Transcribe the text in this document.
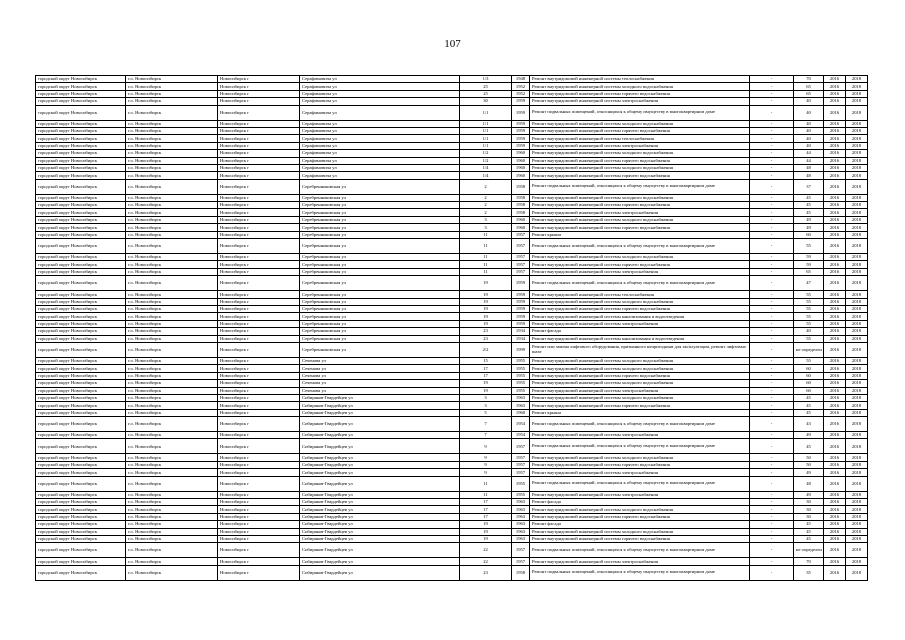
107
городской округ Новосибирск	г.о. Новосибирск	Новосибирск г	Серафимовича ул	1/3	1948	Ремонт внутридомовой инженерной системы теплоснабжения	-	70	2016	2018
городской округ Новосибирск	г.о. Новосибирск	Новосибирск г	Серафимовича ул	25	1952	Ремонт внутридомовой инженерной системы холодного водоснабжения	-	65	2016	2018
городской округ Новосибирск	г.о. Новосибирск	Новосибирск г	Серафимовича ул	25	1952	Ремонт внутридомовой инженерной системы горячего водоснабжения	-	65	2016	2018
городской округ Новосибирск	г.о. Новосибирск	Новосибирск г	Серафимовича ул	30	1959	Ремонт внутридомовой инженерной системы электроснабжения	-	40	2016	2018
городской округ Новосибирск	г.о. Новосибирск	Новосибирск г	Серафимовича ул	1/1	1959	Ремонт подвальных помещений, относящихся к общему имуществу в многоквартирном доме	-	40	2016	2018
городской округ Новосибирск	г.о. Новосибирск	Новосибирск г	Серафимовича ул	1/1	1959	Ремонт внутридомовой инженерной системы холодного водоснабжения	-	40	2016	2018
городской округ Новосибирск	г.о. Новосибирск	Новосибирск г	Серафимовича ул	1/1	1959	Ремонт внутридомовой инженерной системы горячего водоснабжения	-	40	2016	2018
городской округ Новосибирск	г.о. Новосибирск	Новосибирск г	Серафимовича ул	1/1	1959	Ремонт внутридомовой инженерной системы теплоснабжения	-	40	2016	2018
городской округ Новосибирск	г.о. Новосибирск	Новосибирск г	Серафимовича ул	1/1	1959	Ремонт внутридомовой инженерной системы электроснабжения	-	40	2016	2018
городской округ Новосибирск	г.о. Новосибирск	Новосибирск г	Серафимовича ул	1/2	1960	Ремонт внутридомовой инженерной системы холодного водоснабжения	-	44	2016	2018
городской округ Новосибирск	г.о. Новосибирск	Новосибирск г	Серафимовича ул	1/2	1960	Ремонт внутридомовой инженерной системы горячего водоснабжения	-	44	2016	2018
городской округ Новосибирск	г.о. Новосибирск	Новосибирск г	Серафимовича ул	1/4	1960	Ремонт внутридомовой инженерной системы холодного водоснабжения	-	48	2016	2018
городской округ Новосибирск	г.о. Новосибирск	Новосибирск г	Серафимовича ул	1/4	1960	Ремонт внутридомовой инженерной системы горячего водоснабжения	-	48	2016	2018
городской округ Новосибирск	г.о. Новосибирск	Новосибирск г	Серебренниковская ул	2	1958	Ремонт подвальных помещений, относящихся к общему имуществу в многоквартирном доме	-	37	2016	2018
городской округ Новосибирск	г.о. Новосибирск	Новосибирск г	Серебренниковская ул	2	1958	Ремонт внутридомовой инженерной системы холодного водоснабжения	-	45	2016	2018
городской округ Новосибирск	г.о. Новосибирск	Новосибирск г	Серебренниковская ул	2	1958	Ремонт внутридомовой инженерной системы горячего водоснабжения	-	45	2016	2018
городской округ Новосибирск	г.о. Новосибирск	Новосибирск г	Серебренниковская ул	2	1958	Ремонт внутридомовой инженерной системы электроснабжения	-	45	2016	2018
городской округ Новосибирск	г.о. Новосибирск	Новосибирск г	Серебренниковская ул	3	1960	Ремонт внутридомовой инженерной системы холодного водоснабжения	-	49	2016	2018
городской округ Новосибирск	г.о. Новосибирск	Новосибирск г	Серебренниковская ул	3	1960	Ремонт внутридомовой инженерной системы горячего водоснабжения	-	49	2016	2018
городской округ Новосибирск	г.о. Новосибирск	Новосибирск г	Серебренниковская ул	11	1957	Ремонт крыши	-	60	2016	2018
городской округ Новосибирск	г.о. Новосибирск	Новосибирск г	Серебренниковская ул	11	1957	Ремонт подвальных помещений, относящихся к общему имуществу в многоквартирном доме	-	55	2016	2018
городской округ Новосибирск	г.о. Новосибирск	Новосибирск г	Серебренниковская ул	11	1957	Ремонт внутридомовой инженерной системы холодного водоснабжения	-	59	2016	2018
городской округ Новосибирск	г.о. Новосибирск	Новосибирск г	Серебренниковская ул	11	1957	Ремонт внутридомовой инженерной системы горячего водоснабжения	-	59	2016	2018
городской округ Новосибирск	г.о. Новосибирск	Новосибирск г	Серебренниковская ул	11	1957	Ремонт внутридомовой инженерной системы электроснабжения	-	65	2016	2018
городской округ Новосибирск	г.о. Новосибирск	Новосибирск г	Серебренниковская ул	19	1959	Ремонт подвальных помещений, относящихся к общему имуществу в многоквартирном доме	-	47	2016	2018
городской округ Новосибирск	г.о. Новосибирск	Новосибирск г	Серебренниковская ул	19	1959	Ремонт внутридомовой инженерной системы теплоснабжения	-	55	2016	2018
городской округ Новосибирск	г.о. Новосибирск	Новосибирск г	Серебренниковская ул	19	1959	Ремонт внутридомовой инженерной системы холодного водоснабжения	-	55	2016	2018
городской округ Новосибирск	г.о. Новосибирск	Новосибирск г	Серебренниковская ул	19	1959	Ремонт внутридомовой инженерной системы горячего водоснабжения	-	55	2016	2018
городской округ Новосибирск	г.о. Новосибирск	Новосибирск г	Серебренниковская ул	19	1959	Ремонт внутридомовой инженерной системы канализования и водоотведения	-	55	2016	2018
городской округ Новосибирск	г.о. Новосибирск	Новосибирск г	Серебренниковская ул	19	1959	Ремонт внутридомовой инженерной системы электроснабжения	-	55	2016	2018
городской округ Новосибирск	г.о. Новосибирск	Новосибирск г	Серебренниковская ул	23	1934	Ремонт фасада	-	40	2016	2018
городской округ Новосибирск	г.о. Новосибирск	Новосибирск г	Серебренниковская ул	23	1934	Ремонт внутридомовой инженерной системы канализования и водоотведения	-	55	2016	2018
городской округ Новосибирск	г.о. Новосибирск	Новосибирск г	Серебренниковская ул	2/2	1999	Ремонт или замена лифтового оборудования, признанного непригодным для эксплуатации, ремонт лифтовых шахт	-	не определен	2016	2018
городской округ Новосибирск	г.о. Новосибирск	Новосибирск г	Сеченова ул	15	1955	Ремонт внутридомовой инженерной системы холодного водоснабжения	-	55	2016	2018
городской округ Новосибирск	г.о. Новосибирск	Новосибирск г	Сеченова ул	17	1955	Ремонт внутридомовой инженерной системы холодного водоснабжения	-	60	2016	2018
городской округ Новосибирск	г.о. Новосибирск	Новосибирск г	Сеченова ул	17	1955	Ремонт внутридомовой инженерной системы горячего водоснабжения	-	60	2016	2018
городской округ Новосибирск	г.о. Новосибирск	Новосибирск г	Сеченова ул	19	1955	Ремонт внутридомовой инженерной системы холодного водоснабжения	-	60	2016	2018
городской округ Новосибирск	г.о. Новосибирск	Новосибирск г	Сеченова ул	19	1955	Ремонт внутридомовой инженерной системы электроснабжения	-	60	2016	2018
городской округ Новосибирск	г.о. Новосибирск	Новосибирск г	Сибиряков-Гвардейцев ул	3	1963	Ремонт внутридомовой инженерной системы холодного водоснабжения	-	45	2016	2018
городской округ Новосибирск	г.о. Новосибирск	Новосибирск г	Сибиряков-Гвардейцев ул	3	1963	Ремонт внутридомовой инженерной системы горячего водоснабжения	-	45	2016	2018
городской округ Новосибирск	г.о. Новосибирск	Новосибирск г	Сибиряков-Гвардейцев ул	5	1960	Ремонт крыши	-	45	2016	2018
городской округ Новосибирск	г.о. Новосибирск	Новосибирск г	Сибиряков-Гвардейцев ул	7	1954	Ремонт подвальных помещений, относящихся к общему имуществу в многоквартирном доме	-	43	2016	2018
городской округ Новосибирск	г.о. Новосибирск	Новосибирск г	Сибиряков-Гвардейцев ул	7	1954	Ремонт внутридомовой инженерной системы электроснабжения	-	49	2016	2018
городской округ Новосибирск	г.о. Новосибирск	Новосибирск г	Сибиряков-Гвардейцев ул	9	1957	Ремонт подвальных помещений, относящихся к общему имуществу в многоквартирном доме	-	45	2016	2018
городской округ Новосибирск	г.о. Новосибирск	Новосибирск г	Сибиряков-Гвардейцев ул	9	1957	Ремонт внутридомовой инженерной системы холодного водоснабжения	-	50	2016	2018
городской округ Новосибирск	г.о. Новосибирск	Новосибирск г	Сибиряков-Гвардейцев ул	9	1957	Ремонт внутридомовой инженерной системы горячего водоснабжения	-	50	2016	2018
городской округ Новосибирск	г.о. Новосибирск	Новосибирск г	Сибиряков-Гвардейцев ул	9	1957	Ремонт внутридомовой инженерной системы электроснабжения	-	49	2016	2018
городской округ Новосибирск	г.о. Новосибирск	Новосибирск г	Сибиряков-Гвардейцев ул	11	1955	Ремонт подвальных помещений, относящихся к общему имуществу в многоквартирном доме	-	48	2016	2018
городской округ Новосибирск	г.о. Новосибирск	Новосибирск г	Сибиряков-Гвардейцев ул	11	1955	Ремонт внутридомовой инженерной системы электроснабжения	-	49	2016	2018
городской округ Новосибирск	г.о. Новосибирск	Новосибирск г	Сибиряков-Гвардейцев ул	17	1963	Ремонт фасада	-	30	2016	2018
городской округ Новосибирск	г.о. Новосибирск	Новосибирск г	Сибиряков-Гвардейцев ул	17	1963	Ремонт внутридомовой инженерной системы холодного водоснабжения	-	30	2016	2018
городской округ Новосибирск	г.о. Новосибирск	Новосибирск г	Сибиряков-Гвардейцев ул	17	1963	Ремонт внутридомовой инженерной системы горячего водоснабжения	-	30	2016	2018
городской округ Новосибирск	г.о. Новосибирск	Новосибирск г	Сибиряков-Гвардейцев ул	19	1963	Ремонт фасада	-	45	2016	2018
городской округ Новосибирск	г.о. Новосибирск	Новосибирск г	Сибиряков-Гвардейцев ул	19	1963	Ремонт внутридомовой инженерной системы холодного водоснабжения	-	45	2016	2018
городской округ Новосибирск	г.о. Новосибирск	Новосибирск г	Сибиряков-Гвардейцев ул	19	1963	Ремонт внутридомовой инженерной системы горячего водоснабжения	-	45	2016	2018
городской округ Новосибирск	г.о. Новосибирск	Новосибирск г	Сибиряков-Гвардейцев ул	22	1957	Ремонт подвальных помещений, относящихся к общему имуществу в многоквартирном доме	-	не определен	2016	2018
городской округ Новосибирск	г.о. Новосибирск	Новосибирск г	Сибиряков-Гвардейцев ул	22	1957	Ремонт внутридомовой инженерной системы электроснабжения	-	70	2016	2018
городской округ Новосибирск	г.о. Новосибирск	Новосибирск г	Сибиряков-Гвардейцев ул	23	1958	Ремонт подвальных помещений, относящихся к общему имуществу в многоквартирном доме	-	35	2016	2018
